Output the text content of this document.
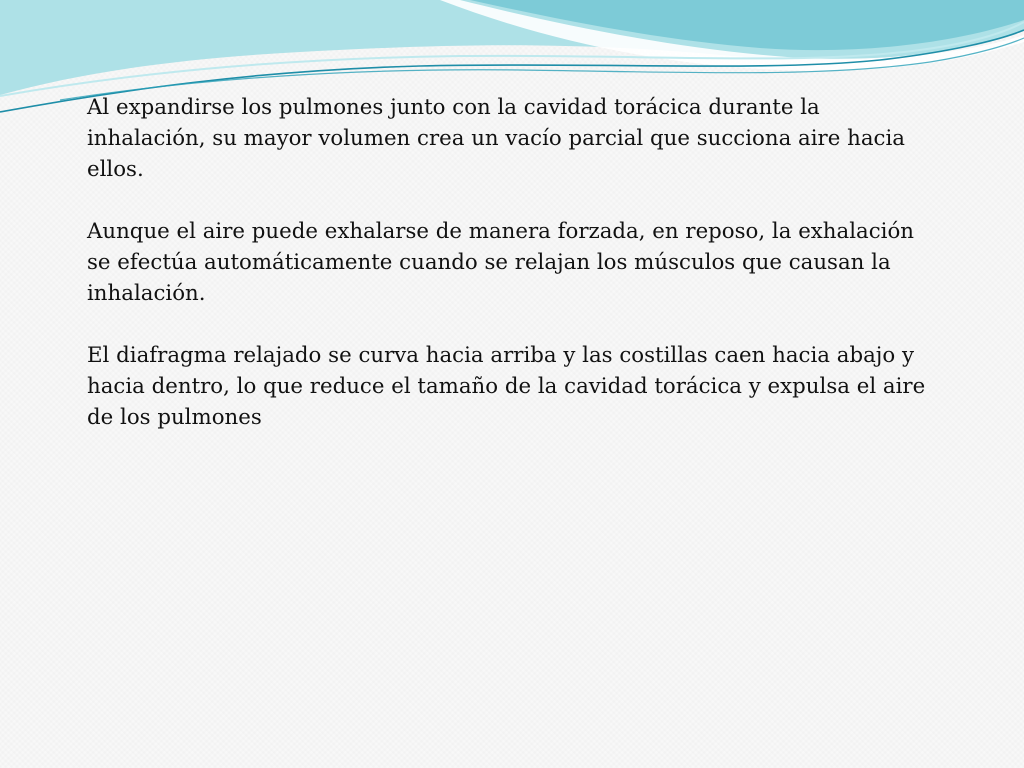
Al expandirse los pulmones junto con la cavidad torácica durante la inhalación, su mayor volumen crea un vacío parcial que succiona aire hacia ellos.

Aunque el aire puede exhalarse de manera forzada, en reposo, la exhalación se efectúa automáticamente cuando se relajan los músculos que causan la inhalación.

El diafragma relajado se curva hacia arriba y las costillas caen hacia abajo y hacia dentro, lo que reduce el tamaño de la cavidad torácica y expulsa el aire de los pulmones
